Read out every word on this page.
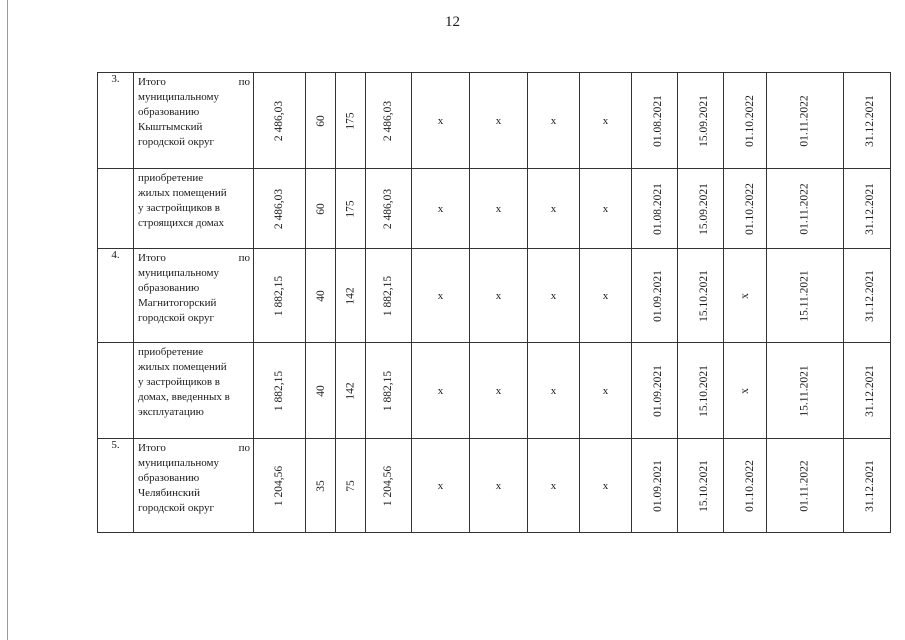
12
3.	Итого по
муниципальному
образованию
Кыштымский
городской округ	2 486,03	60	175	2 486,03	x	x	x	x	01.08.2021	15.09.2021	01.10.2022	01.11.2022	31.12.2021

	приобретение
жилых помещений
у застройщиков в
строящихся домах	2 486,03	60	175	2 486,03	x	x	x	x	01.08.2021	15.09.2021	01.10.2022	01.11.2022	31.12.2021
4.	Итого по
муниципальному
образованию
Магнитогорский
городской округ	1 882,15	40	142	1 882,15	x	x	x	x	01.09.2021	15.10.2021	x	15.11.2021	31.12.2021

	приобретение
жилых помещений
у застройщиков в
домах, введенных в
эксплуатацию	1 882,15	40	142	1 882,15	x	x	x	x	01.09.2021	15.10.2021	x	15.11.2021	31.12.2021
5.	Итого по
муниципальному
образованию
Челябинский
городской округ	1 204,56	35	75	1 204,56	x	x	x	x	01.09.2021	15.10.2021	01.10.2022	01.11.2022	31.12.2021
